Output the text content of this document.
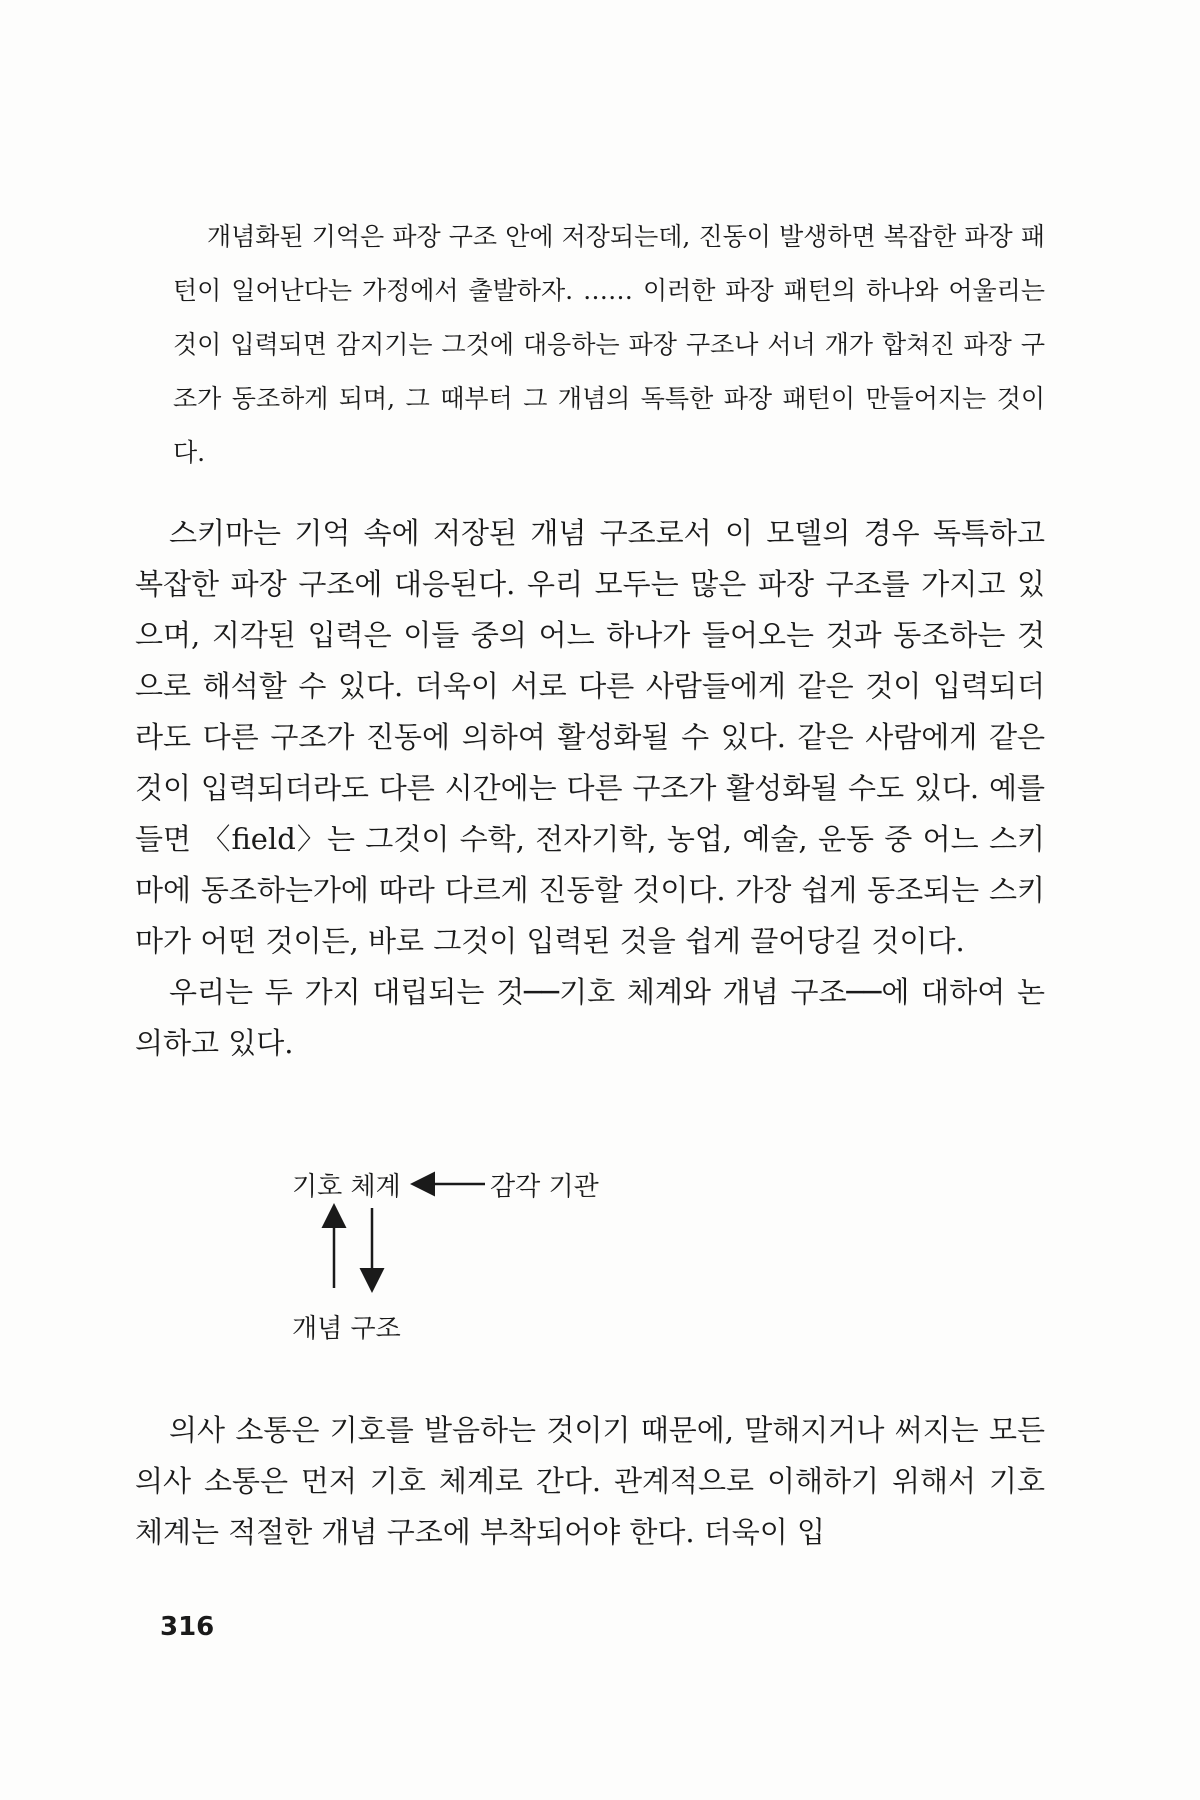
개념화된 기억은 파장 구조 안에 저장되는데, 진동이 발생하면 복잡한 파장 패턴이 일어난다는 가정에서 출발하자. …… 이러한 파장 패턴의 하나와 어울리는 것이 입력되면 감지기는 그것에 대응하는 파장 구조나 서너 개가 합쳐진 파장 구조가 동조하게 되며, 그 때부터 그 개념의 독특한 파장 패턴이 만들어지는 것이다.

스키마는 기억 속에 저장된 개념 구조로서 이 모델의 경우 독특하고 복잡한 파장 구조에 대응된다. 우리 모두는 많은 파장 구조를 가지고 있으며, 지각된 입력은 이들 중의 어느 하나가 들어오는 것과 동조하는 것으로 해석할 수 있다. 더욱이 서로 다른 사람들에게 같은 것이 입력되더라도 다른 구조가 진동에 의하여 활성화될 수 있다. 같은 사람에게 같은 것이 입력되더라도 다른 시간에는 다른 구조가 활성화될 수도 있다. 예를 들면 〈field〉는 그것이 수학, 전자기학, 농업, 예술, 운동 중 어느 스키마에 동조하는가에 따라 다르게 진동할 것이다. 가장 쉽게 동조되는 스키마가 어떤 것이든, 바로 그것이 입력된 것을 쉽게 끌어당길 것이다.

우리는 두 가지 대립되는 것──기호 체계와 개념 구조──에 대하여 논의하고 있다.

기호 체계	감각 기관
개념 구조

의사 소통은 기호를 발음하는 것이기 때문에, 말해지거나 써지는 모든 의사 소통은 먼저 기호 체계로 간다. 관계적으로 이해하기 위해서 기호 체계는 적절한 개념 구조에 부착되어야 한다. 더욱이 입

316
